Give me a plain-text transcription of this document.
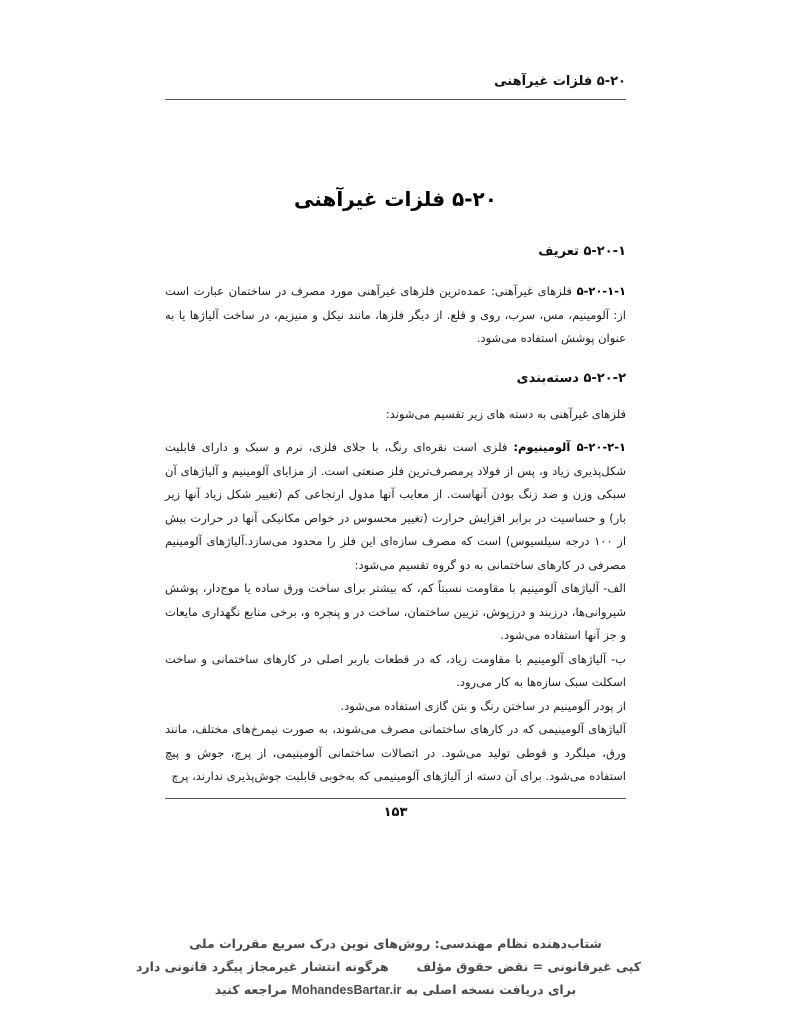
۵-۲۰ فلزات غیرآهنی
۵-۲۰ فلزات غیرآهنی
۵-۲۰-۱ تعریف

۵-۲۰-۱-۱ فلزهای غیرآهنی: عمده‌ترین فلزهای غیرآهنی مورد مصرف در ساختمان عبارت است از: آلومینیم، مس، سرب، روی و قلع. از دیگر فلزها، مانند نیکل و منیزیم، در ساخت آلیاژها یا به عنوان پوشش استفاده می‌شود.

۵-۲۰-۲ دسته‌بندی
فلزهای غیرآهنی به دسته های زیر تقسیم می‌شوند:

۵-۲۰-۲-۱ آلومینیوم: فلزی است نقره‌ای رنگ، با جلای فلزی، نرم و سبک و دارای قابلیت شکل‌پذیری زیاد و، پس از فولاد پرمصرف‌ترین فلز صنعتی است. از مزایای آلومینیم و آلیاژهای آن سبکی وزن و ضد زنگ بودن آنهاست. از معایب آنها مدول ارتجاعی کم (تغییر شکل زیاد آنها زیر بار) و حساسیت در برابر افزایش حرارت (تغییر محسوس در خواص مکانیکی آنها در حرارت بیش از ۱۰۰ درجه سیلسیوس) است که مصرف سازه‌ای این فلز را محدود می‌سازد.آلیاژهای آلومینیم مصرفی در کارهای ساختمانی به دو گروه تقسیم می‌شود:

الف- آلیاژهای آلومینیم با مقاومت نسبتاً کم، که بیشتر برای ساخت ورق ساده یا موج‌دار، پوشش شیروانی‌ها، درزبند و درزپوش، تزیین ساختمان، ساخت در و پنجره و، برخی منابع نگهداری مایعات و جز آنها استفاده می‌شود.

ب- آلیاژهای آلومینیم با مقاومت زیاد، که در قطعات باربر اصلی در کارهای ساختمانی و ساخت اسکلت سبک سازه‌ها به کار می‌رود.

از پودر آلومینیم در ساختن رنگ و بتن گازی استفاده می‌شود.

آلیاژهای آلومینیمی که در کارهای ساختمانی مصرف می‌شوند، به صورت نیمرخ‌های مختلف، مانند ورق، میلگرد و قوطی تولید می‌شود. در اتصالات ساختمانی آلومینیمی، از پرچ، جوش و پیچ استفاده می‌شود. برای آن دسته از آلیاژهای آلومینیمی که به‌خوبی قابلیت جوش‌پذیری ندارند، پرچ

۱۵۳
شتاب‌دهنده نظام مهندسی: روش‌های نوین درک سریع مقررات ملی
کپی غیرقانونی = نقض حقوق مؤلفهرگونه انتشار غیرمجاز پیگرد قانونی دارد
برای دریافت نسخه اصلی به MohandesBartar.ir مراجعه کنید
